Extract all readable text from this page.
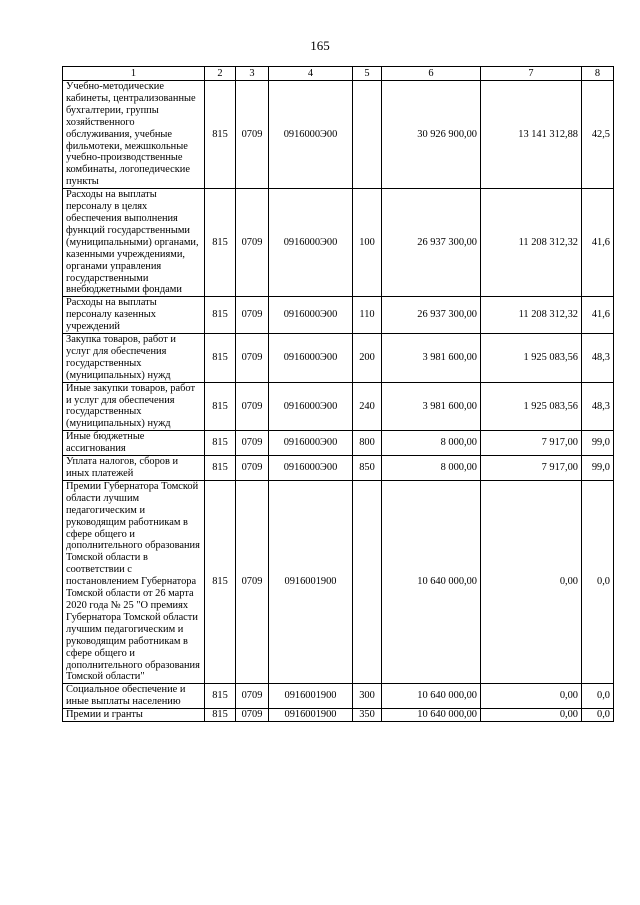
165
1	2	3	4	5	6	7	8
Учебно-методические кабинеты, централизованные бухгалтерии, группы хозяйственного обслуживания, учебные фильмотеки, межшкольные учебно-производственные комбинаты, логопедические пункты	815	0709	0916000Э00		30 926 900,00	13 141 312,88	42,5
Расходы на выплаты персоналу в целях обеспечения выполнения функций государственными (муниципальными) органами, казенными учреждениями, органами управления государственными внебюджетными фондами	815	0709	0916000Э00	100	26 937 300,00	11 208 312,32	41,6
Расходы на выплаты персоналу казенных учреждений	815	0709	0916000Э00	110	26 937 300,00	11 208 312,32	41,6
Закупка товаров, работ и услуг для обеспечения государственных (муниципальных) нужд	815	0709	0916000Э00	200	3 981 600,00	1 925 083,56	48,3
Иные закупки товаров, работ и услуг для обеспечения государственных (муниципальных) нужд	815	0709	0916000Э00	240	3 981 600,00	1 925 083,56	48,3
Иные бюджетные ассигнования	815	0709	0916000Э00	800	8 000,00	7 917,00	99,0
Уплата налогов, сборов и иных платежей	815	0709	0916000Э00	850	8 000,00	7 917,00	99,0
Премии Губернатора Томской области лучшим педагогическим и руководящим работникам в сфере общего и дополнительного образования Томской области в соответствии с постановлением Губернатора Томской области от 26 марта 2020 года № 25 "О премиях Губернатора Томской области лучшим педагогическим и руководящим работникам в сфере общего и дополнительного образования Томской области"	815	0709	0916001900		10 640 000,00	0,00	0,0
Социальное обеспечение и иные выплаты населению	815	0709	0916001900	300	10 640 000,00	0,00	0,0
Премии и гранты	815	0709	0916001900	350	10 640 000,00	0,00	0,0
